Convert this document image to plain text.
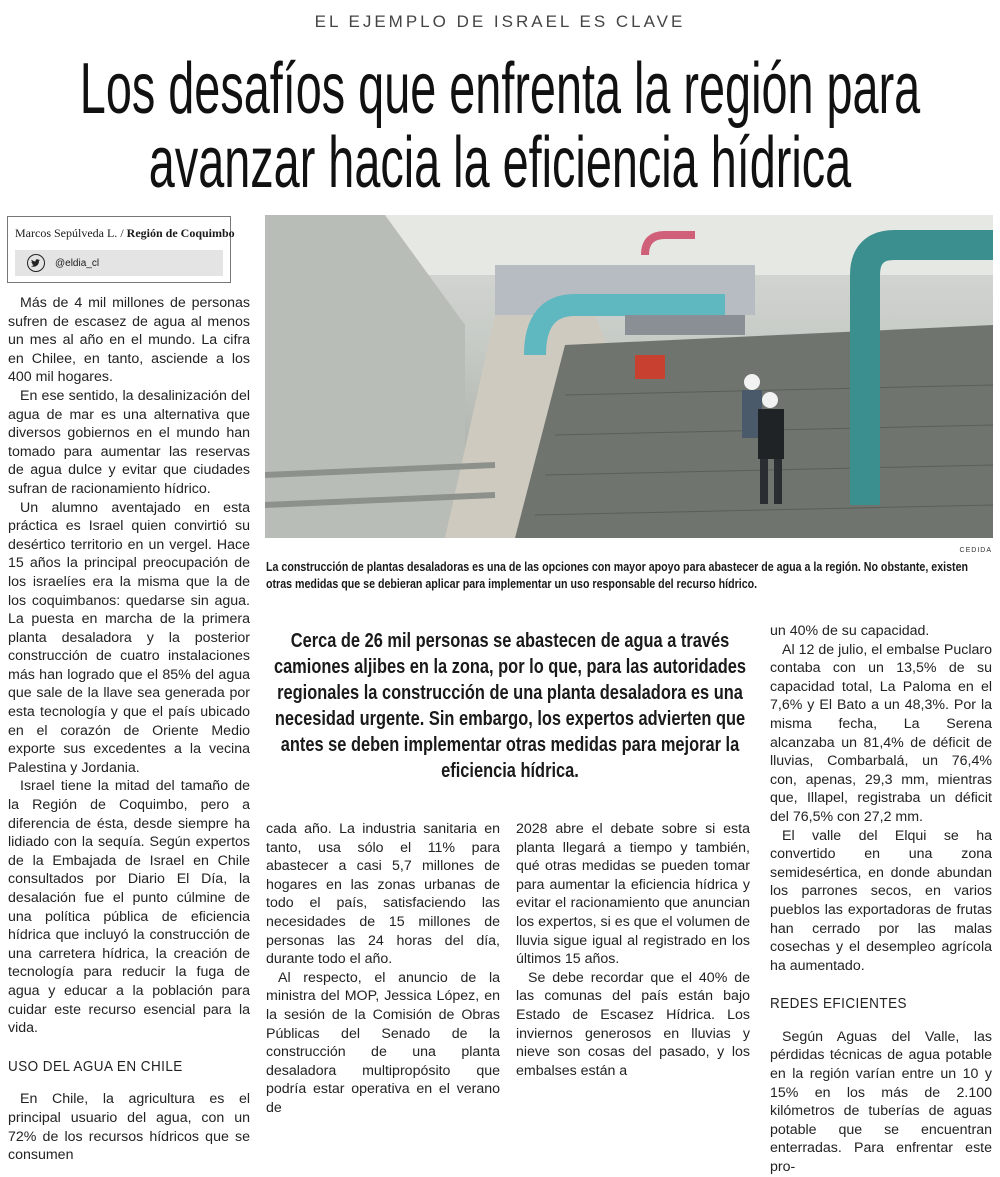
EL EJEMPLO DE ISRAEL ES CLAVE
Los desafíos que enfrenta la región para avanzar hacia la eficiencia hídrica
Marcos Sepúlveda L. / Región de Coquimbo
@eldia_cl

Más de 4 mil millones de personas sufren de escasez de agua al menos un mes al año en el mundo. La cifra en Chilee, en tanto, asciende a los 400 mil hogares.

En ese sentido, la desalinización del agua de mar es una alternativa que diversos gobiernos en el mundo han tomado para aumentar las reservas de agua dulce y evitar que ciudades sufran de racionamiento hídrico.

Un alumno aventajado en esta práctica es Israel quien convirtió su desértico territorio en un vergel. Hace 15 años la principal preocupación de los israelíes era la misma que la de los coquimbanos: quedarse sin agua. La puesta en marcha de la primera planta desaladora y la posterior construcción de cuatro instalaciones más han logrado que el 85% del agua que sale de la llave sea generada por esta tecnología y que el país ubicado en el corazón de Oriente Medio exporte sus excedentes a la vecina Palestina y Jordania.

Israel tiene la mitad del tamaño de la Región de Coquimbo, pero a diferencia de ésta, desde siempre ha lidiado con la sequía. Según expertos de la Embajada de Israel en Chile consultados por Diario El Día, la desalación fue el punto cúlmine de una política pública de eficiencia hídrica que incluyó la construcción de una carretera hídrica, la creación de tecnología para reducir la fuga de agua y educar a la población para cuidar este recurso esencial para la vida.

USO DEL AGUA EN CHILE

En Chile, la agricultura es el principal usuario del agua, con un 72% de los recursos hídricos que se consumen

CEDIDA
La construcción de plantas desaladoras es una de las opciones con mayor apoyo para abastecer de agua a la región. No obstante, existen otras medidas que se debieran aplicar para implementar un uso responsable del recurso hídrico.
Cerca de 26 mil personas se abastecen de agua a través camiones aljibes en la zona, por lo que, para las autoridades regionales la construcción de una planta desaladora es una necesidad urgente. Sin embargo, los expertos advierten que antes se deben implementar otras medidas para mejorar la eficiencia hídrica.

cada año. La industria sanitaria en tanto, usa sólo el 11% para abastecer a casi 5,7 millones de hogares en las zonas urbanas de todo el país, satisfaciendo las necesidades de 15 millones de personas las 24 horas del día, durante todo el año.

Al respecto, el anuncio de la ministra del MOP, Jessica López, en la sesión de la Comisión de Obras Públicas del Senado de la construcción de una planta desaladora multipropósito que podría estar operativa en el verano de

2028 abre el debate sobre si esta planta llegará a tiempo y también, qué otras medidas se pueden tomar para aumentar la eficiencia hídrica y evitar el racionamiento que anuncian los expertos, si es que el volumen de lluvia sigue igual al registrado en los últimos 15 años.

Se debe recordar que el 40% de las comunas del país están bajo Estado de Escasez Hídrica. Los inviernos generosos en lluvias y nieve son cosas del pasado, y los embalses están a

un 40% de su capacidad.

Al 12 de julio, el embalse Puclaro contaba con un 13,5% de su capacidad total, La Paloma en el 7,6% y El Bato a un 48,3%. Por la misma fecha, La Serena alcanzaba un 81,4% de déficit de lluvias, Combarbalá, un 76,4% con, apenas, 29,3 mm, mientras que, Illapel, registraba un déficit del 76,5% con 27,2 mm.

El valle del Elqui se ha convertido en una zona semidesértica, en donde abundan los parrones secos, en varios pueblos las exportadoras de frutas han cerrado por las malas cosechas y el desempleo agrícola ha aumentado.

REDES EFICIENTES

Según Aguas del Valle, las pérdidas técnicas de agua potable en la región varían entre un 10 y 15% en los más de 2.100 kilómetros de tuberías de aguas potable que se encuentran enterradas. Para enfrentar este pro-
